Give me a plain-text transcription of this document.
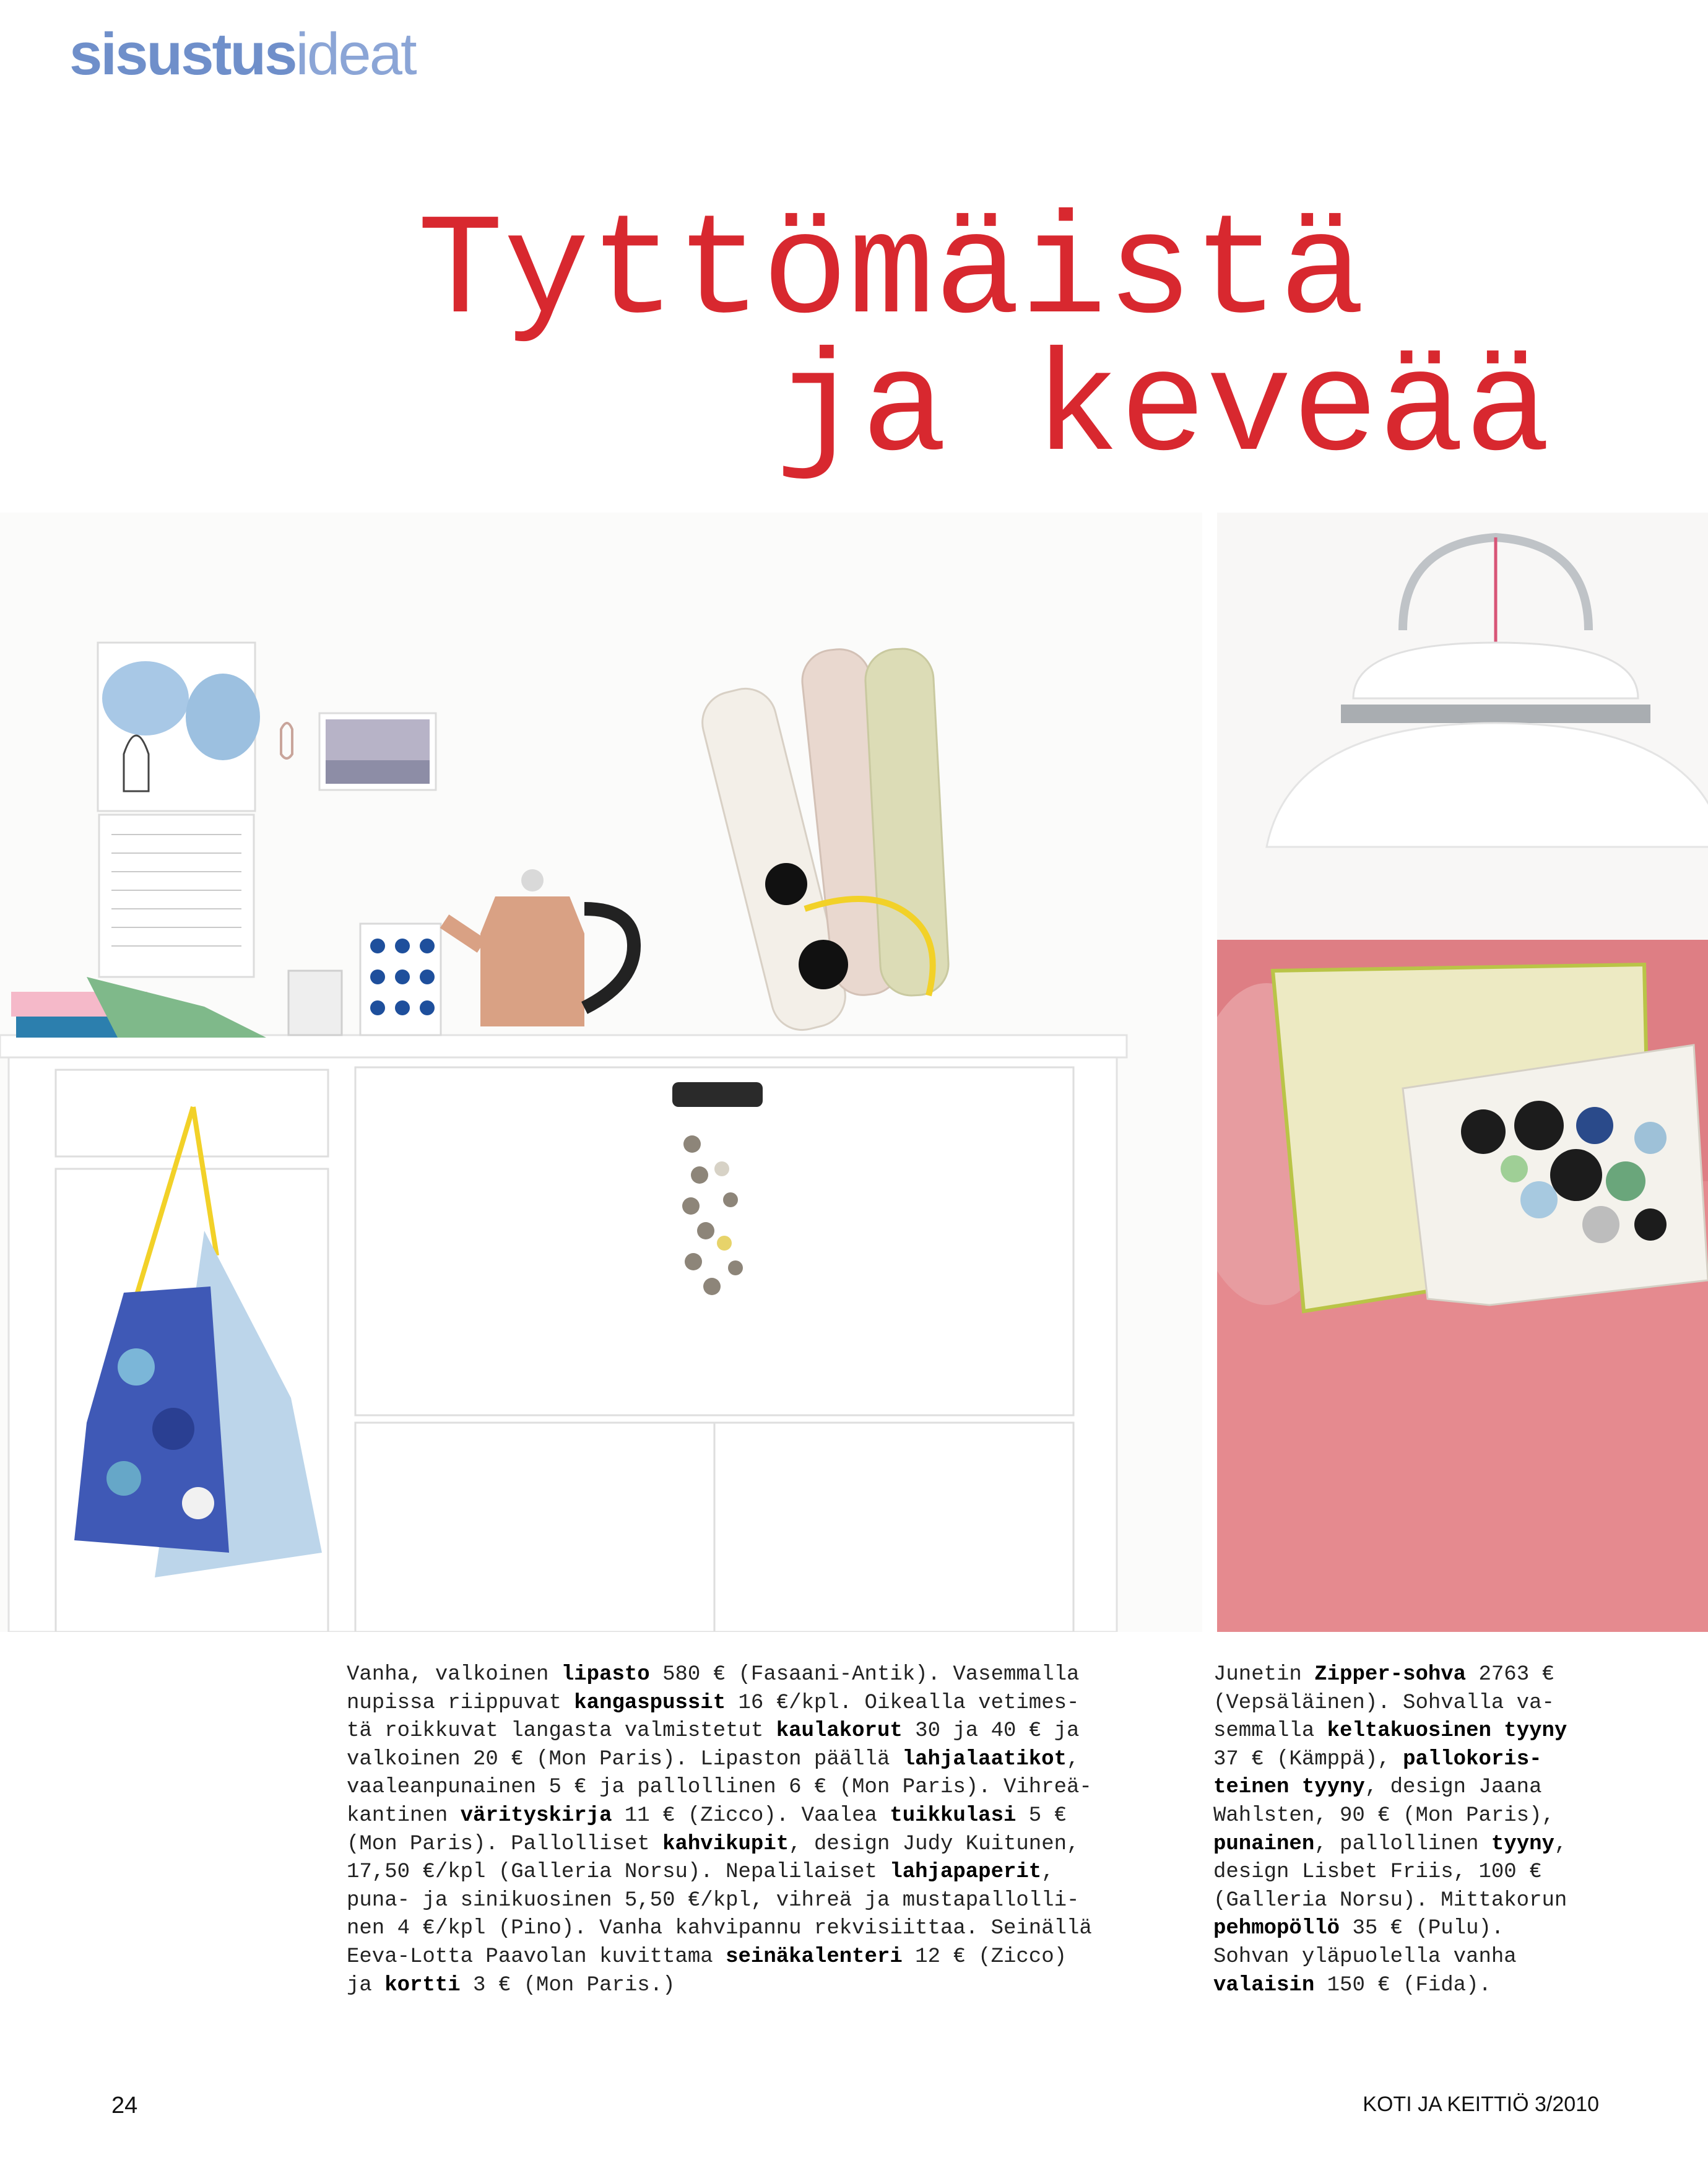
sisustusideat
Tyttömäistä
ja keveää
Vanha, valkoinen lipasto 580 € (Fasaani-Antik). Vasemmalla
nupissa riippuvat kangaspussit 16 €/kpl. Oikealla vetimes-
tä roikkuvat langasta valmistetut kaulakorut 30 ja 40 € ja
valkoinen 20 € (Mon Paris). Lipaston päällä lahjalaatikot,
vaaleanpunainen 5 € ja pallollinen 6 € (Mon Paris). Vihreä-
kantinen värityskirja 11 € (Zicco). Vaalea tuikkulasi 5 €
(Mon Paris). Pallolliset kahvikupit, design Judy Kuitunen,
17,50 €/kpl (Galleria Norsu). Nepalilaiset lahjapaperit,
puna- ja sinikuosinen 5,50 €/kpl, vihreä ja mustapallolli-
nen 4 €/kpl (Pino). Vanha kahvipannu rekvisiittaa. Seinällä
Eeva-Lotta Paavolan kuvittama seinäkalenteri 12 € (Zicco)
ja kortti 3 € (Mon Paris.)
Junetin Zipper-sohva 2763 €
(Vepsäläinen). Sohvalla va-
semmalla keltakuosinen tyyny
37 € (Kämppä), pallokoris-
teinen tyyny, design Jaana
Wahlsten, 90 € (Mon Paris),
punainen, pallollinen tyyny,
design Lisbet Friis, 100 €
(Galleria Norsu). Mittakorun
pehmopöllö 35 € (Pulu).
Sohvan yläpuolella vanha
valaisin 150 € (Fida).
24	KOTI JA KEITTIÖ 3/2010
